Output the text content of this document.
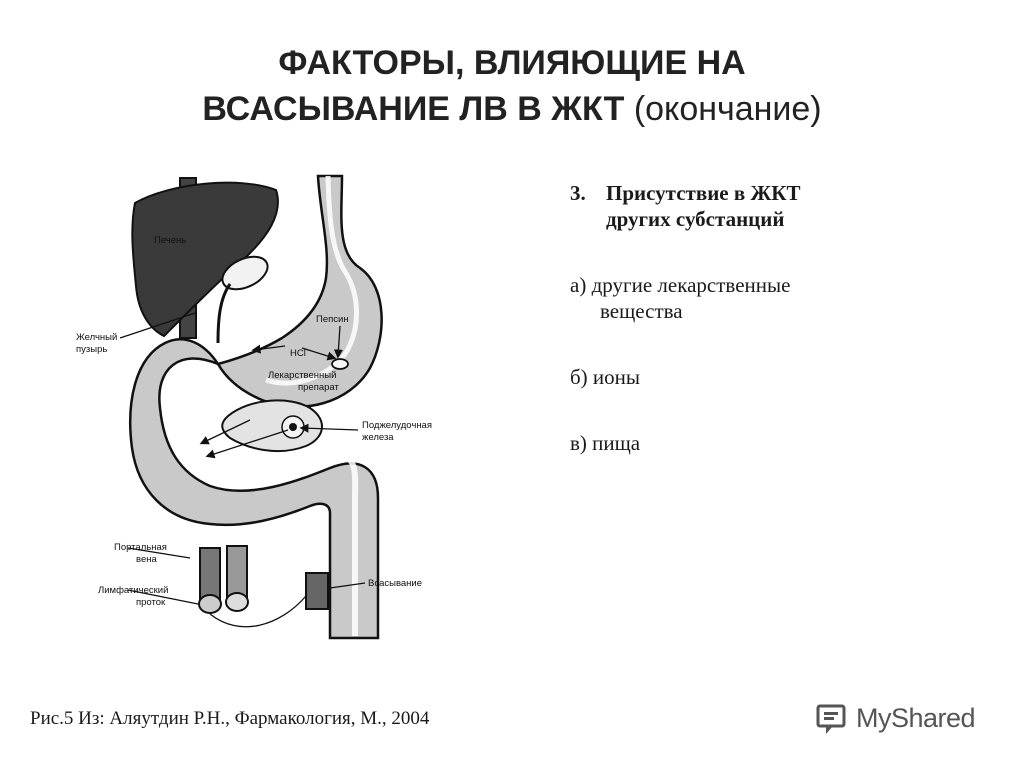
ФАКТОРЫ, ВЛИЯЮЩИЕ НА
ВСАСЫВАНИЕ ЛВ В ЖКТ (окончание)
Печень
Желчный
пузырь
Пепсин
HCl
Лекарственный
препарат
Поджелудочная
железа
Портальная
вена
Лимфатический
проток
Всасывание
3. Присутствие в ЖКТ
других субстанций
а) другие лекарственные
вещества
б) ионы
в) пища
Рис.5 Из: Аляутдин Р.Н., Фармакология, М., 2004	MyShared
